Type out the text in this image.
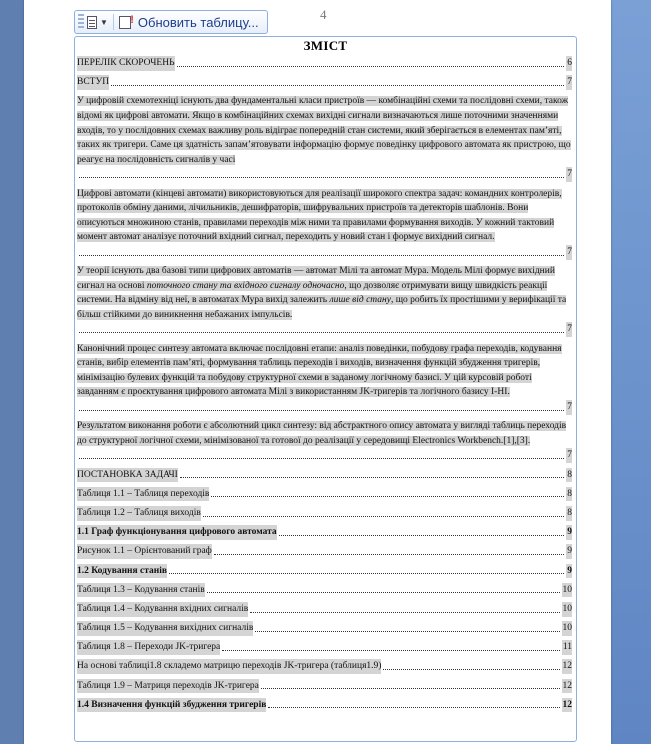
4
▼ ! Обновить таблицу...
ЗМІСТ
ПЕРЕЛІК СКОРОЧЕНЬ	6
ВСТУП	7
У цифровій схемотехніці існують два фундаментальні класи пристроїв — комбінаційні схеми та послідовні схеми, також відомі як цифрові автомати. Якщо в комбінаційних схемах вихідні сигнали визначаються лише поточними значеннями входів, то у послідовних схемах важливу роль відіграє попередній стан системи, який зберігається в елементах пам’яті, таких як тригери. Саме ця здатність запам’ятовувати інформацію формує поведінку цифрового автомата як пристрою, що реагує на послідовність сигналів у часі
7
Цифрові автомати (кінцеві автомати) використовуються для реалізації широкого спектра задач: командних контролерів, протоколів обміну даними, лічильників, дешифраторів, шифрувальних пристроїв та детекторів шаблонів. Вони описуються множиною станів, правилами переходів між ними та правилами формування виходів. У кожний тактовий момент автомат аналізує поточний вхідний сигнал, переходить у новий стан і формує вихідний сигнал.
7
У теорії існують два базові типи цифрових автоматів — автомат Мілі та автомат Мура. Модель Мілі формує вихідний сигнал на основі поточного стану та вхідного сигналу одночасно, що дозволяє отримувати вищу швидкість реакції системи. На відміну від неї, в автоматах Мура вихід залежить лише від стану, що робить їх простішими у верифікації та більш стійкими до виникнення небажаних імпульсів.
7
Канонічний процес синтезу автомата включає послідовні етапи: аналіз поведінки, побудову графа переходів, кодування станів, вибір елементів пам’яті, формування таблиць переходів і виходів, визначення функцій збудження тригерів, мінімізацію булевих функцій та побудову структурної схеми в заданому логічному базисі. У цій курсовій роботі завданням є проєктування цифрового автомата Мілі з використанням JK-тригерів та логічного базису І-НІ.
7
Результатом виконання роботи є абсолютний цикл синтезу: від абстрактного опису автомата у вигляді таблиць переходів до структурної логічної схеми, мінімізованої та готової до реалізації у середовищі Electronics Workbench.[1],[3].
7
ПОСТАНОВКА ЗАДАЧІ	8
Таблиця 1.1 – Таблиця переходів	8
Таблиця 1.2 – Таблиця виходів	8
1.1 Граф функціонування цифрового автомата	9
Рисунок 1.1 – Орієнтований граф	9
1.2 Кодування станів	9
Таблиця 1.3 – Кодування станів	10
Таблиця 1.4 – Кодування вхідних сигналів	10
Таблиця 1.5 – Кодування вихідних сигналів	10
Таблиця 1.8 – Переходи JK-тригера	11
На основі таблиці1.8 складемо матрицю переходів JK-тригера (таблиця1.9)	12
Таблиця 1.9 – Матриця переходів JK-тригера	12
1.4 Визначення функцій збудження тригерів	12
